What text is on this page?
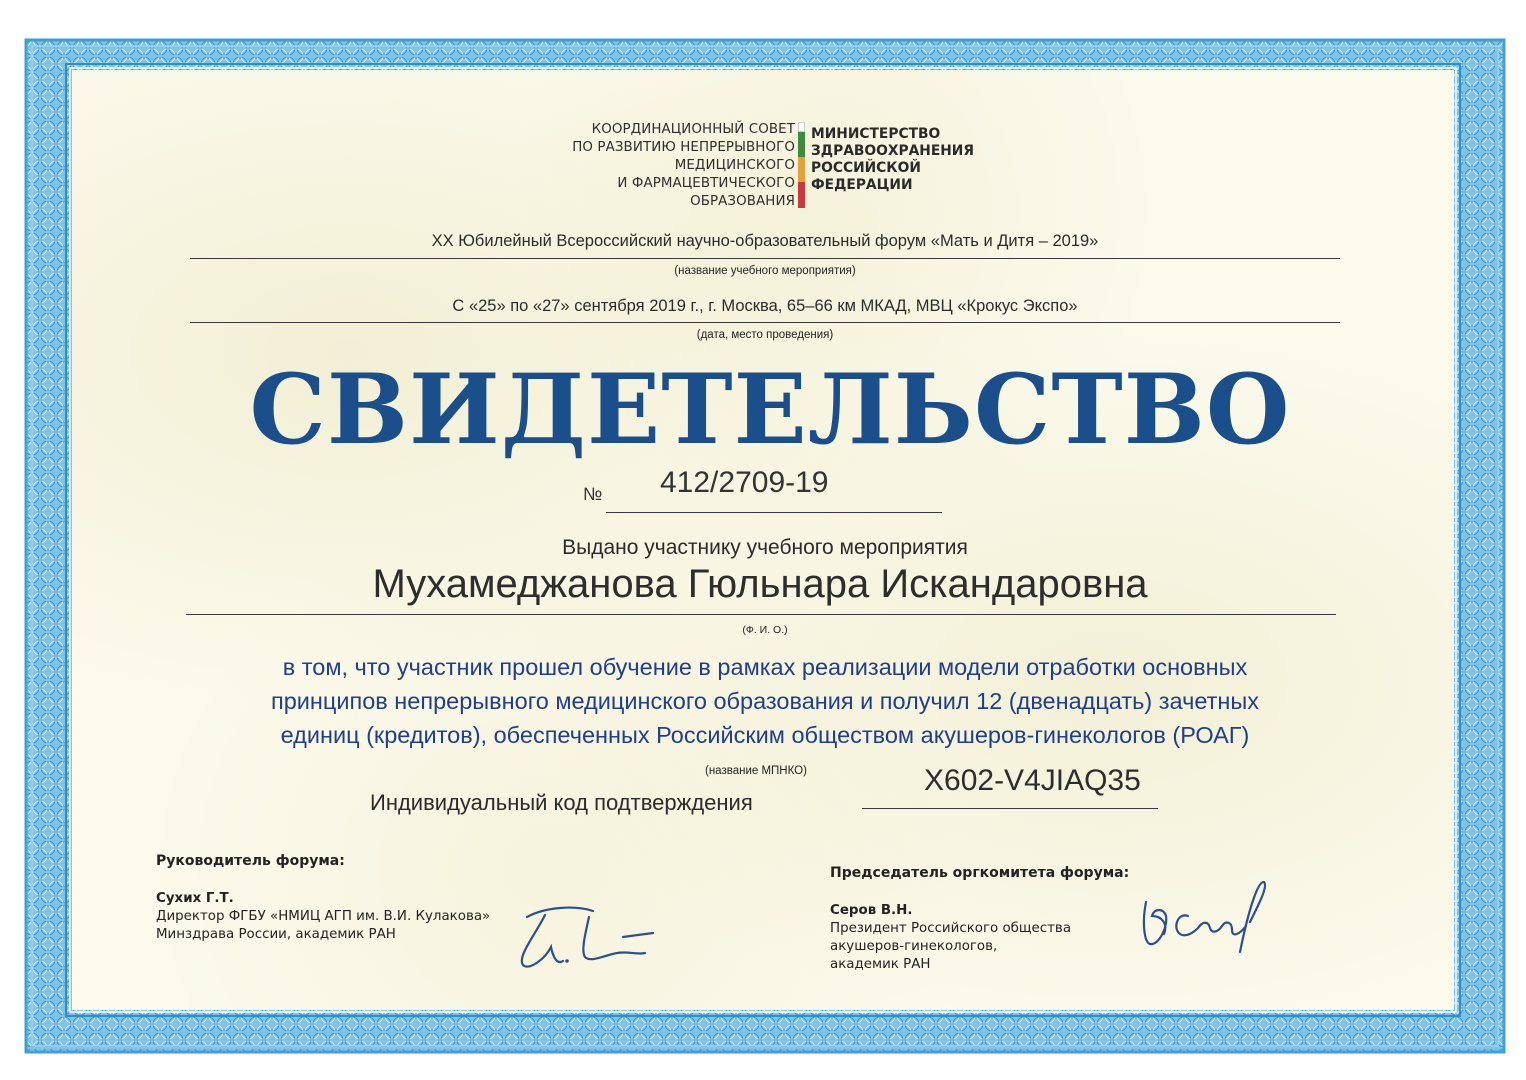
КООРДИНАЦИОННЫЙ СОВЕТ
ПО РАЗВИТИЮ НЕПРЕРЫВНОГО
МЕДИЦИНСКОГО
И ФАРМАЦЕВТИЧЕСКОГО
ОБРАЗОВАНИЯ
МИНИСТЕРСТВО
ЗДРАВООХРАНЕНИЯ
РОССИЙСКОЙ
ФЕДЕРАЦИИ

XX Юбилейный Всероссийский научно-образовательный форум «Мать и Дитя – 2019»

(название учебного мероприятия)

С «25» по «27» сентября 2019 г., г. Москва, 65–66 км МКАД, МВЦ «Крокус Экспо»

(дата, место проведения)

СВИДЕТЕЛЬСТВО

№ 412/2709-19

Выдано участнику учебного мероприятия

Мухамеджанова Гюльнара Искандаровна

(Ф. И. О.)

в том, что участник прошел обучение в рамках реализации модели отработки основных
принципов непрерывного медицинского образования и получил 12 (двенадцать) зачетных
единиц (кредитов), обеспеченных Российским обществом акушеров-гинекологов (РОАГ)

(название МПНКО)

Индивидуальный код подтверждения

X602-V4JIAQ35

Руководитель форума:
Сухих Г.Т.
Директор ФГБУ «НМИЦ АГП им. В.И. Кулакова»
Минздрава России, академик РАН
Председатель оргкомитета форума:
Серов В.Н.
Президент Российского общества
акушеров-гинекологов,
академик РАН
